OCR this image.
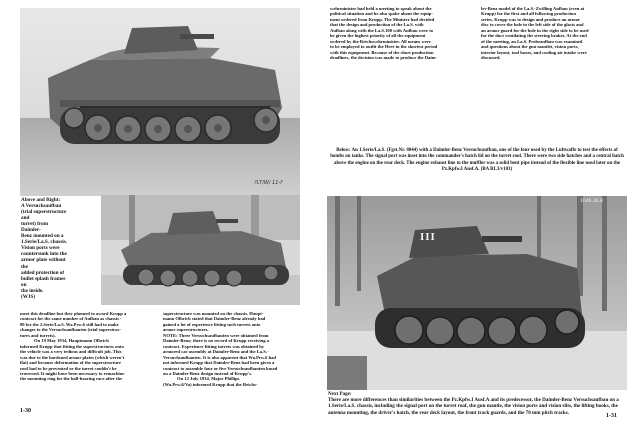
?LT/W/ 11-f
Above and Right:
A Versuchsaufbau
(trial superstructure and
turret) from Daimler-
Benz mounted on a
1.Serie/La.S. chassis.
Vision ports were
countersunk into the
armor plate without the
added protection of
bullet splash frames on
the inside.
(WJS)
meet this deadline but they planned to award Krupp a
contract for the same number of Aufbau as chassis -
80 for the 2.Serie/La.S. Wa.Prw.6 still had to make
changes to the Versuchsaufbauten (trial superstruc-
tures and turrets).
On 19 May 1934, Hauptmann Olbrich
informed Krupp that fitting the superstructures onto
the vehicle was a very tedious and difficult job. This
was due to the hardened armor plates (which weren't
flat) and because deformation of the superstructure
roof had to be prevented or the turret couldn't be
traversed. It might have been necessary to remachine
the mounting ring for the ball-bearing race after the
superstructure was mounted on the chassis. Haupt-
mann Olbrich stated that Daimler-Benz already had
gained a lot of experience fitting such turrets onto
armor superstructures.
NOTE: Three Versuchsaufbauten were obtained from
Daimler-Benz; there is no record of Krupp receiving a
contract. Experience fitting turrets was obtained by
armored car assembly at Daimler-Benz and the La.S.-
Versuchsaufbauten. It is also apparent that Wa.Prw.6 had
not informed Krupp that Daimler-Benz had been given a
contract to assemble four or five Versuchsaufbauten based
on a Daimler-Benz design instead of Krupp's.
On 12 July 1934, Major Phillips
(Wa.Prw.6/Va) informed Krupp that the Reichs-
1-30
wehrminister had held a meeting to speak about the
political situation and he also spoke about the equip-
ment ordered from Krupp. The Minister had decided
that the design and production of the La.S. with
Aufbau along with the La.S.100 with Aufbau were to
be given the highest priority of all the equipment
ordered by the Reichswehrminister. All means were
to be employed to outfit the Heer in the shortest period
with this equipment. Because of the short production
deadlines, the decision was made to produce the Daim-
ler-Benz model of the La.S.-Zwilling Aufbau (even at
Krupp) for the first and all following production
series. Krupp was to design and produce an armor
disc to cover the hole in the left side of the glacis and
an armor guard for the hole in the right side to be used
for the duct ventilating the steering brakes. At the end
of the meeting, an La.S. Probeaufbau was examined
and questions about the gun mantlet, vision ports,
interior layout, tool boxes, and cooling air intake were
discussed.
Below: An 1.Serie/La.S. (Fgst.Nr. 8044) with a Daimler-Benz Versuchsaufbau, one of the four used by the Luftwaffe to test the effects of bombs on tanks. The signal port was inset into the commander's hatch lid on the turret roof. There were two side hatches and a central hatch above the engine on the rear deck. The engine exhaust line to the muffler was a solid bent pipe instead of the flexible line used later on the Pz.Kpfw.I Ausf.A. (BA RL3/v103)
III
1046.3b.8
Next Page:
There are more differences than similarities between the Pz.Kpfw.I Ausf.A and its predecessor, the Daimler-Benz Versuchsaufbau on a 1.Serie/La.S. chassis, including the signal port on the turret roof, the gun mantle, the vision ports and vision slits, the lifting hooks, the antenna mounting, the driver's hatch, the rear deck layout, the front track guards, and the 70 mm pitch tracks.
1-31
